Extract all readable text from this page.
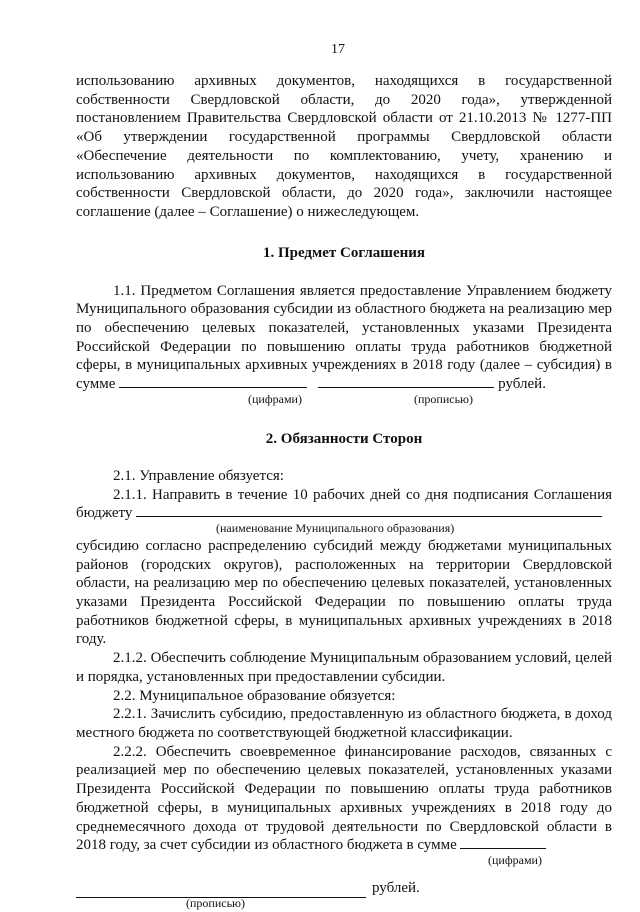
17

использованию архивных документов, находящихся в государственной собственности Свердловской области, до 2020 года», утвержденной постановлением Правительства Свердловской области от 21.10.2013 № 1277-ПП «Об утверждении государственной программы Свердловской области «Обеспечение деятельности по комплектованию, учету, хранению и использованию архивных документов, находящихся в государственной собственности Свердловской области, до 2020 года», заключили настоящее соглашение (далее – Соглашение) о нижеследующем.

1. Предмет Соглашения

1.1. Предметом Соглашения является предоставление Управлением бюджету Муниципального образования субсидии из областного бюджета на реализацию мер по обеспечению целевых показателей, установленных указами Президента Российской Федерации по повышению оплаты труда работников бюджетной сферы, в муниципальных архивных учреждениях в 2018 году (далее – субсидия) в сумме	рублей.

(цифрами)	(прописью)
2. Обязанности Сторон

2.1. Управление обязуется:

2.1.1. Направить в течение 10 рабочих дней со дня подписания Соглашения бюджету

(наименование Муниципального образования)

субсидию согласно распределению субсидий между бюджетами муниципальных районов (городских округов), расположенных на территории Свердловской области, на реализацию мер по обеспечению целевых показателей, установленных указами Президента Российской Федерации по повышению оплаты труда работников бюджетной сферы, в муниципальных архивных учреждениях в 2018 году.

2.1.2. Обеспечить соблюдение Муниципальным образованием условий, целей и порядка, установленных при предоставлении субсидии.

2.2. Муниципальное образование обязуется:

2.2.1. Зачислить субсидию, предоставленную из областного бюджета, в доход местного бюджета по соответствующей бюджетной классификации.

2.2.2. Обеспечить своевременное финансирование расходов, связанных с реализацией мер по обеспечению целевых показателей, установленных указами Президента Российской Федерации по повышению оплаты труда работников бюджетной сферы, в муниципальных архивных учреждениях в 2018 году до среднемесячного дохода от трудовой деятельности по Свердловской области в 2018 году, за счет субсидии из областного бюджета в сумме

(цифрами)
рублей.
(прописью)
